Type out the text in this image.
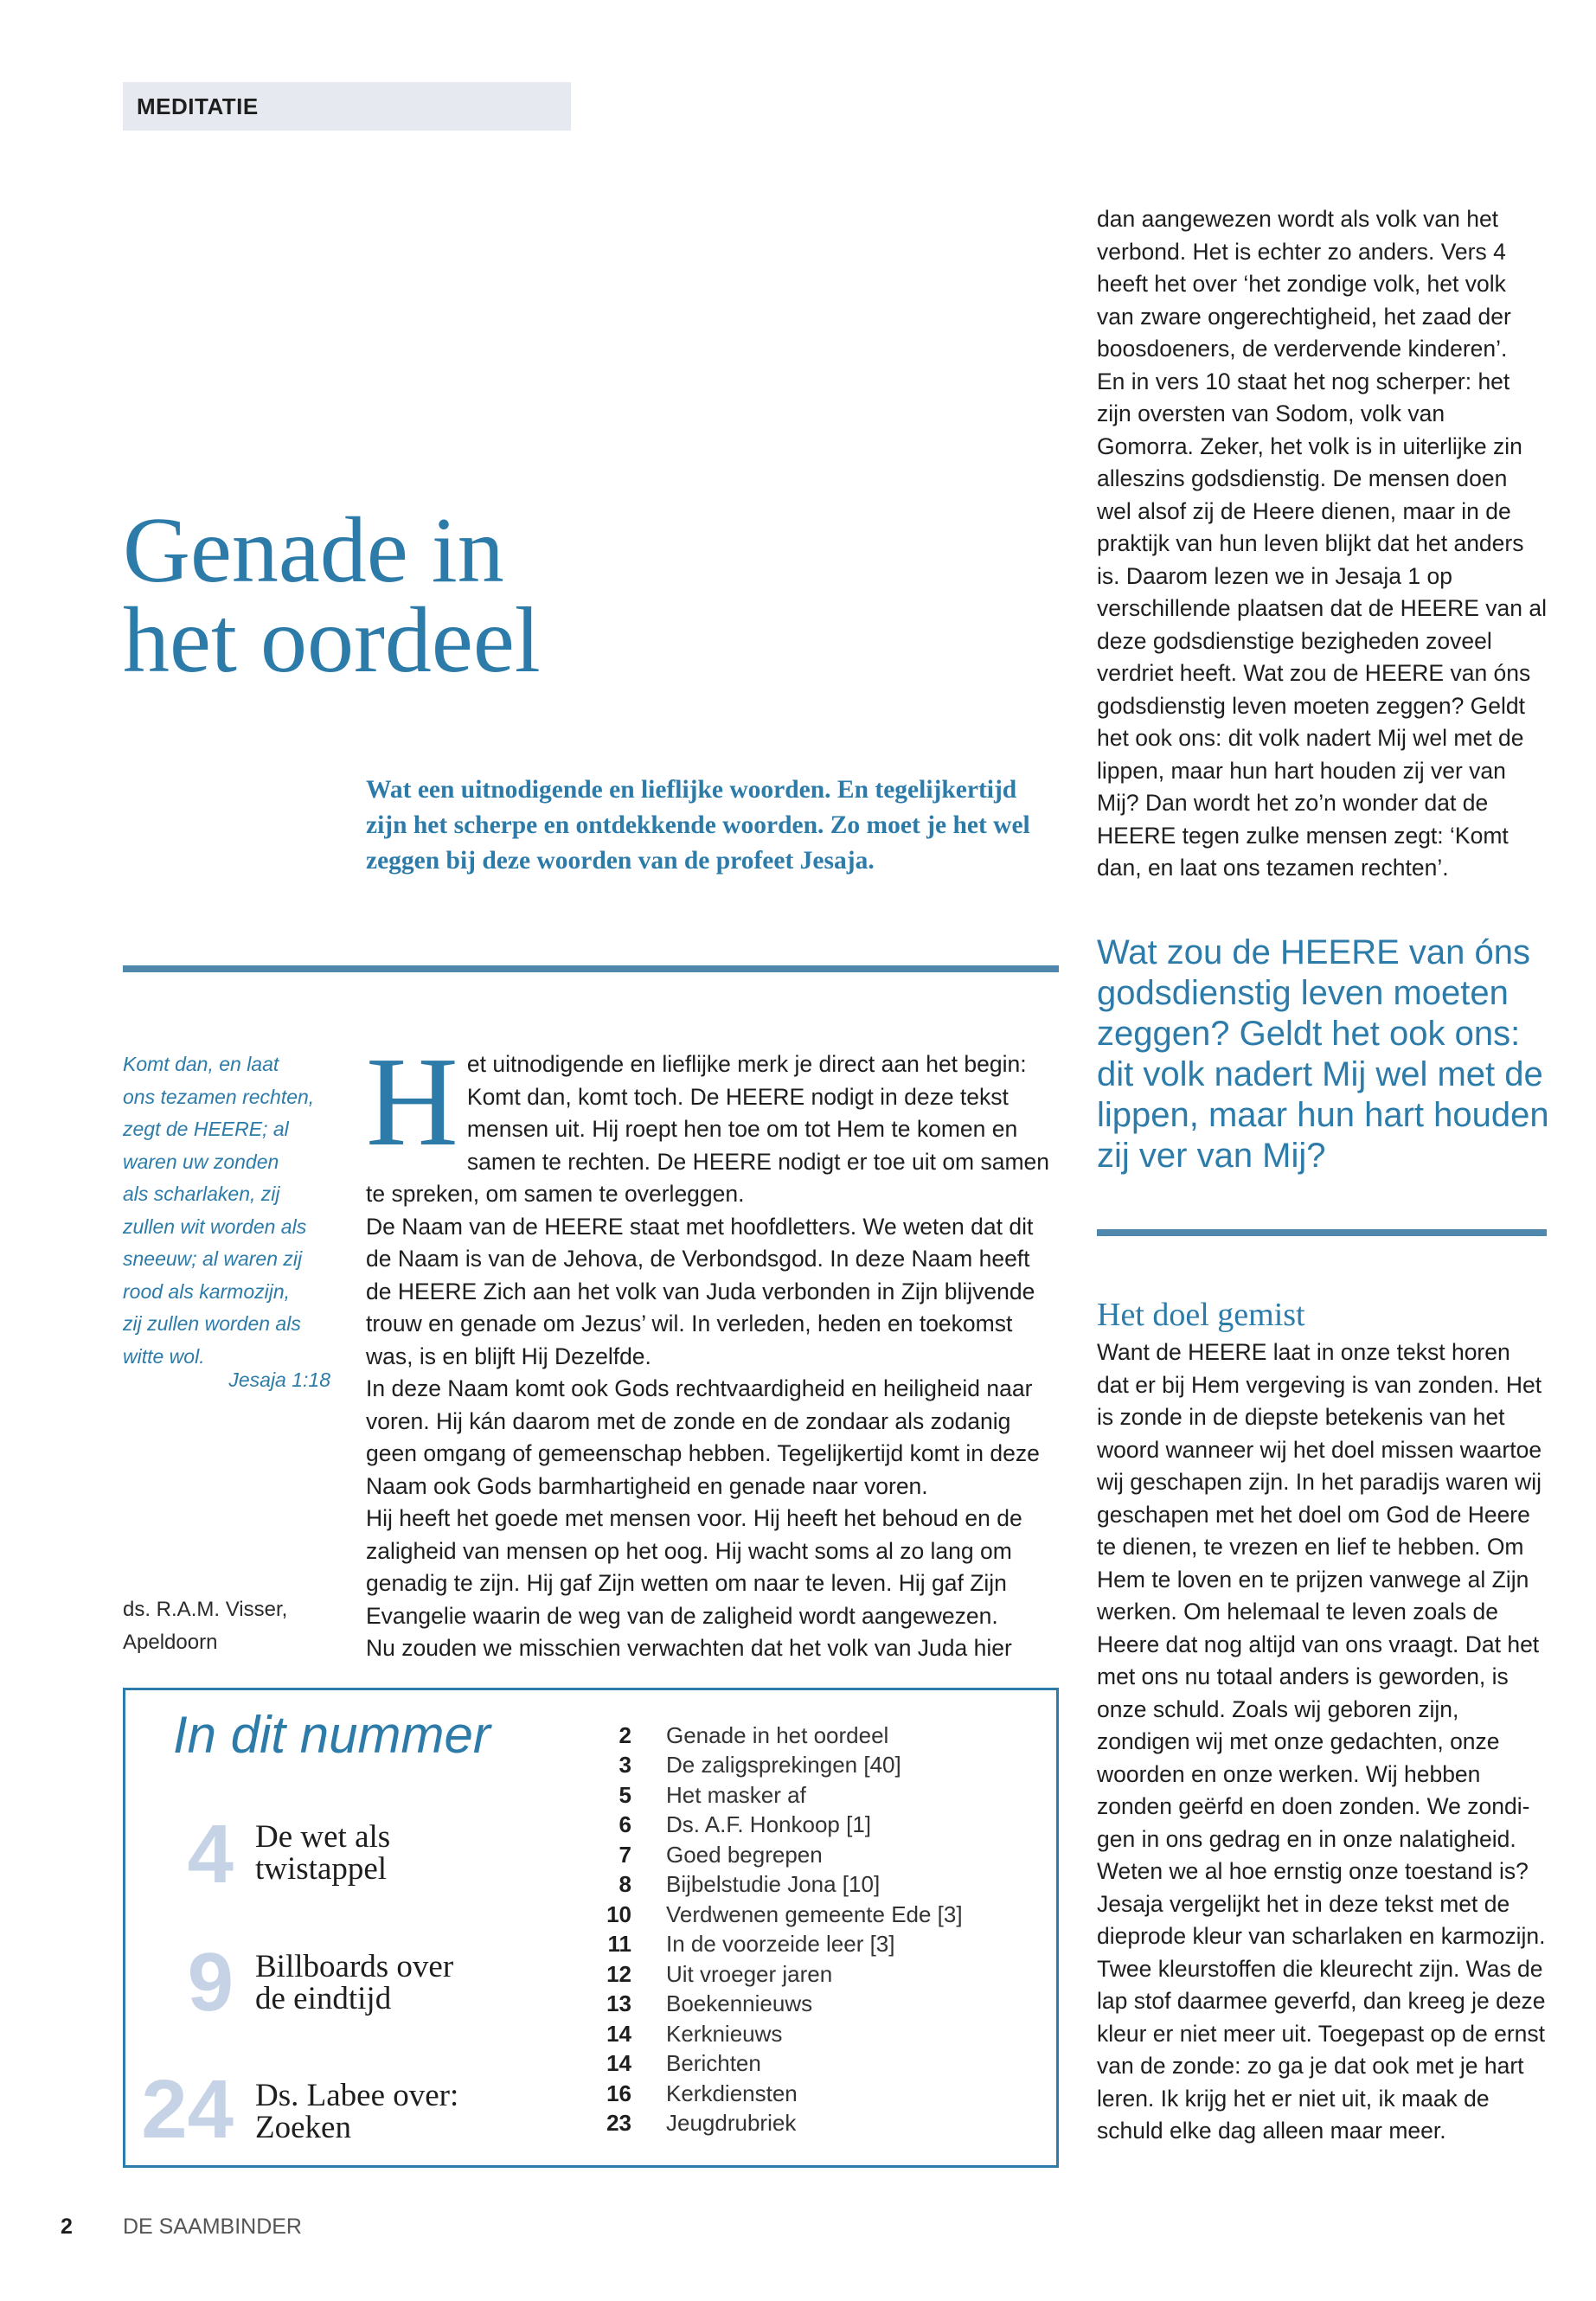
MEDITATIE
Genade in
het oordeel
Wat een uitnodigende en lieflijke woorden. En tegelijkertijd zijn het scherpe en ontdekkende woorden. Zo moet je het wel zeggen bij deze woorden van de profeet Jesaja.
Komt dan, en laat
ons tezamen rechten,
zegt de HEERE; al
waren uw zonden
als scharlaken, zij
zullen wit worden als
sneeuw; al waren zij
rood als karmozijn,
zij zullen worden als
witte wol.
Jesaja 1:18
ds. R.A.M. Visser,
Apeldoorn
H et uitnodigende en lieflijke merk je direct aan het begin: Komt dan, komt toch. De HEERE nodigt in deze tekst mensen uit. Hij roept hen toe om tot Hem te komen en samen te rechten. De HEERE nodigt er toe uit om samen te spreken, om samen te overleggen.

De Naam van de HEERE staat met hoofdletters. We weten dat dit de Naam is van de Jehova, de Verbondsgod. In deze Naam heeft de HEERE Zich aan het volk van Juda verbonden in Zijn blijvende trouw en genade om Jezus’ wil. In verleden, heden en toekomst was, is en blijft Hij Dezelfde.

In deze Naam komt ook Gods rechtvaardigheid en heiligheid naar voren. Hij kán daarom met de zonde en de zondaar als zodanig geen omgang of gemeenschap hebben. Tegelijkertijd komt in deze Naam ook Gods barmhartigheid en genade naar voren.

Hij heeft het goede met mensen voor. Hij heeft het behoud en de zaligheid van mensen op het oog. Hij wacht soms al zo lang om genadig te zijn. Hij gaf Zijn wetten om naar te leven. Hij gaf Zijn Evangelie waarin de weg van de zaligheid wordt aangewezen.

Nu zouden we misschien verwachten dat het volk van Juda hier

dan aangewezen wordt als volk van het verbond. Het is echter zo anders. Vers 4 heeft het over ‘het zondige volk, het volk van zware ongerechtigheid, het zaad der boosdoeners, de verdervende kinderen’.

En in vers 10 staat het nog scherper: het zijn oversten van Sodom, volk van Gomorra. Zeker, het volk is in uiterlijke zin alleszins godsdienstig. De mensen doen wel alsof zij de Heere dienen, maar in de praktijk van hun leven blijkt dat het anders is. Daarom lezen we in Jesaja 1 op verschillende plaatsen dat de HEERE van al deze godsdienstige bezigheden zoveel verdriet heeft. Wat zou de HEERE van óns godsdienstig leven moeten zeggen? Geldt het ook ons: dit volk nadert Mij wel met de lippen, maar hun hart houden zij ver van Mij? Dan wordt het zo’n wonder dat de HEERE tegen zulke mensen zegt: ‘Komt dan, en laat ons tezamen rechten’.

Wat zou de HEERE van óns godsdienstig leven moeten zeggen? Geldt het ook ons: dit volk nadert Mij wel met de lippen, maar hun hart houden zij ver van Mij?
Het doel gemist

Want de HEERE laat in onze tekst horen dat er bij Hem vergeving is van zonden. Het is zonde in de diepste betekenis van het woord wanneer wij het doel missen waartoe wij geschapen zijn. In het paradijs waren wij geschapen met het doel om God de Heere te dienen, te vrezen en lief te hebben. Om Hem te loven en te prijzen vanwege al Zijn werken. Om helemaal te leven zoals de Heere dat nog altijd van ons vraagt. Dat het met ons nu totaal anders is geworden, is onze schuld. Zoals wij geboren zijn, zondigen wij met onze gedachten, onze woorden en onze werken. Wij hebben zonden geërfd en doen zonden. We zondigen in ons gedrag en in onze nalatigheid. Weten we al hoe ernstig onze toestand is? Jesaja vergelijkt het in deze tekst met de dieprode kleur van scharlaken en karmozijn. Twee kleurstoffen die kleurecht zijn. Was de lap stof daarmee geverfd, dan kreeg je deze kleur er niet meer uit. Toegepast op de ernst van de zonde: zo ga je dat ook met je hart leren. Ik krijg het er niet uit, ik maak de schuld elke dag alleen maar meer.

In dit nummer
4 De wet als
twistappel
9 Billboards over
de eindtijd
24 Ds. Labee over:
Zoeken
2 Genade in het oordeel
3 De zaligsprekingen [40]
5 Het masker af
6 Ds. A.F. Honkoop [1]
7 Goed begrepen
8 Bijbelstudie Jona [10]
10 Verdwenen gemeente Ede [3]
11 In de voorzeide leer [3]
12 Uit vroeger jaren
13 Boekennieuws
14 Kerknieuws
14 Berichten
16 Kerkdiensten
23 Jeugdrubriek
2 DE SAAMBINDER
